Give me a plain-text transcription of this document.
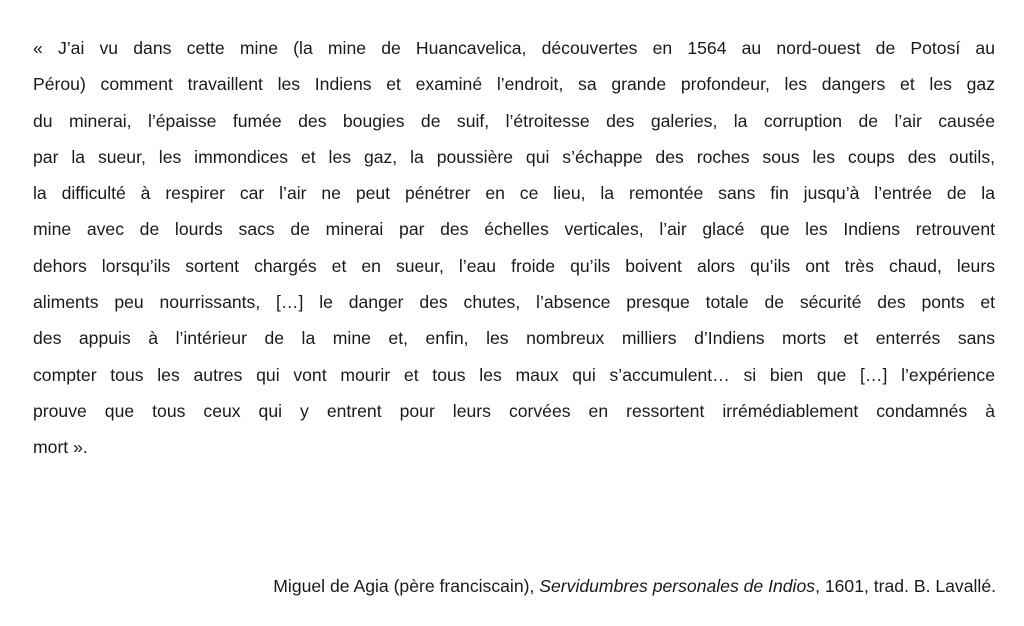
« J’ai vu dans cette mine (la mine de Huancavelica, découvertes en 1564 au nord-ouest de Potosí au
Pérou) comment travaillent les Indiens et examiné l’endroit, sa grande profondeur, les dangers et les gaz
du minerai, l’épaisse fumée des bougies de suif, l’étroitesse des galeries, la corruption de l’air causée
par la sueur, les immondices et les gaz, la poussière qui s’échappe des roches sous les coups des outils,
la difficulté à respirer car l’air ne peut pénétrer en ce lieu, la remontée sans fin jusqu’à l’entrée de la
mine avec de lourds sacs de minerai par des échelles verticales, l’air glacé que les Indiens retrouvent
dehors lorsqu’ils sortent chargés et en sueur, l’eau froide qu’ils boivent alors qu’ils ont très chaud, leurs
aliments peu nourrissants, […] le danger des chutes, l’absence presque totale de sécurité des ponts et
des appuis à l’intérieur de la mine et, enfin, les nombreux milliers d’Indiens morts et enterrés sans
compter tous les autres qui vont mourir et tous les maux qui s’accumulent… si bien que […] l’expérience
prouve que tous ceux qui y entrent pour leurs corvées en ressortent irrémédiablement condamnés à
mort ».

Miguel de Agia (père franciscain), Servidumbres personales de Indios, 1601, trad. B. Lavallé.
